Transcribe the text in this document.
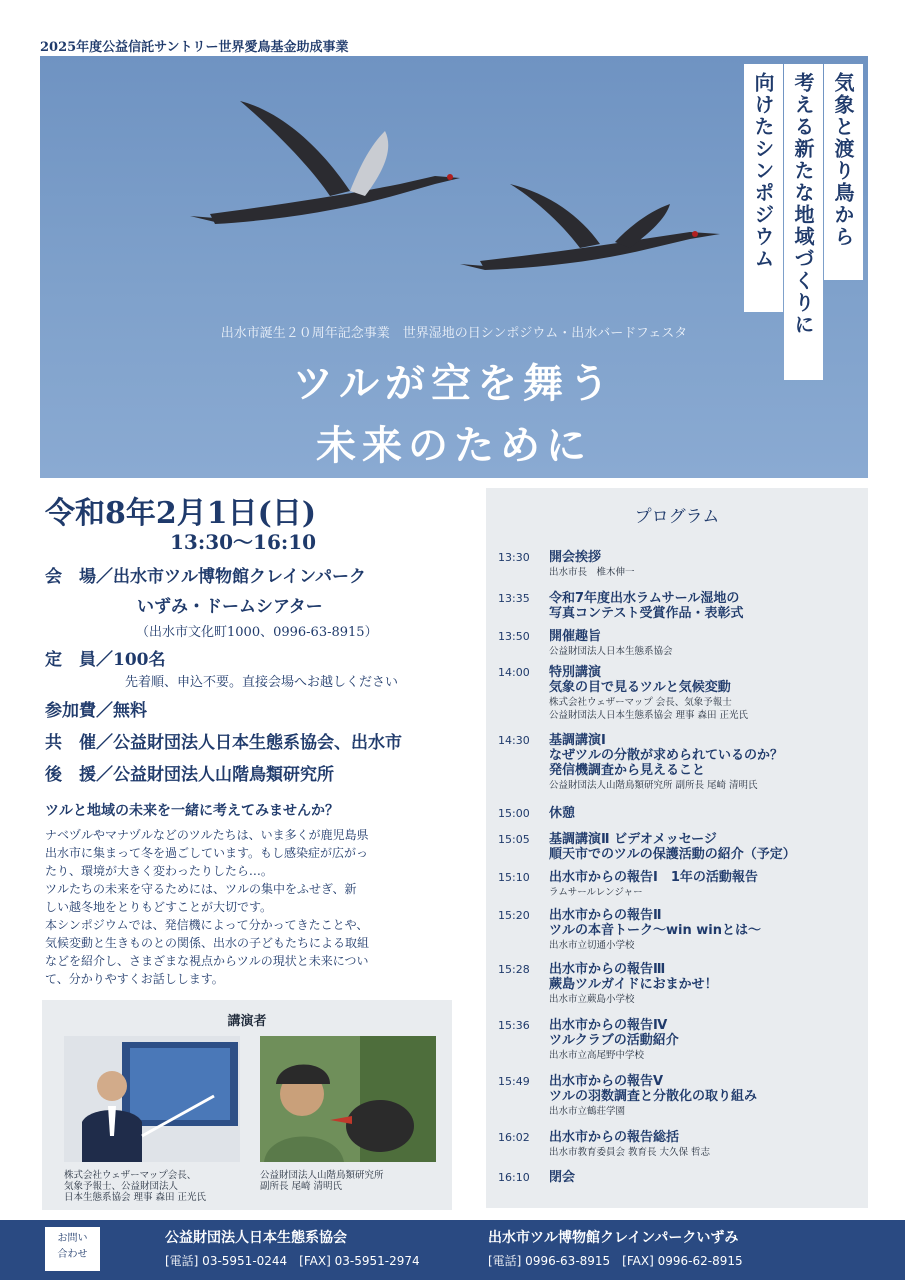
2025年度公益信託サントリー世界愛鳥基金助成事業
向けたシンポジウム 考える新たな地域づくりに 気象と渡り鳥から
出水市誕生２０周年記念事業　世界湿地の日シンポジウム・出水バードフェスタ
ツルが空を舞う
未来のために
令和8年2月1日(日)
13:30〜16:10
会　場／出水市ツル博物館クレインパーク
いずみ・ドームシアター
（出水市文化町1000、0996-63-8915）
定　員／100名
先着順、申込不要。直接会場へお越しください
参加費／無料
共　催／公益財団法人日本生態系協会、出水市
後　援／公益財団法人山階鳥類研究所
ツルと地域の未来を一緒に考えてみませんか？
ナベヅルやマナヅルなどのツルたちは、いま多くが鹿児島県
出水市に集まって冬を過ごしています。もし感染症が広がっ
たり、環境が大きく変わったりしたら…。
ツルたちの未来を守るためには、ツルの集中をふせぎ、新
しい越冬地をとりもどすことが大切です。
本シンポジウムでは、発信機によって分かってきたことや、
気候変動と生きものとの関係、出水の子どもたちによる取組
などを紹介し、さまざまな視点からツルの現状と未来につい
て、分かりやすくお話しします。
講演者
株式会社ウェザーマップ会長、
気象予報士、公益財団法人
日本生態系協会 理事 森田 正光氏
公益財団法人山階鳥類研究所
副所長 尾崎 清明氏
プログラム
13:30 開会挨拶
出水市長　椎木伸一
13:35 令和7年度出水ラムサール湿地の
写真コンテスト受賞作品・表彰式
13:50 開催趣旨
公益財団法人日本生態系協会
14:00 特別講演
気象の目で見るツルと気候変動
株式会社ウェザーマップ 会長、気象予報士
公益財団法人日本生態系協会 理事 森田 正光氏
14:30 基調講演Ⅰ
なぜツルの分散が求められているのか？
発信機調査から見えること
公益財団法人山階鳥類研究所 副所長 尾崎 清明氏
15:00 休憩
15:05 基調講演Ⅱ ビデオメッセージ
順天市でのツルの保護活動の紹介（予定）
15:10 出水市からの報告Ⅰ　1年の活動報告
ラムサールレンジャー
15:20 出水市からの報告Ⅱ
ツルの本音トーク〜win winとは〜
出水市立切通小学校
15:28 出水市からの報告Ⅲ
蕨島ツルガイドにおまかせ！
出水市立蕨島小学校
15:36 出水市からの報告Ⅳ
ツルクラブの活動紹介
出水市立高尾野中学校
15:49 出水市からの報告Ⅴ
ツルの羽数調査と分散化の取り組み
出水市立鶴荘学園
16:02 出水市からの報告総括
出水市教育委員会 教育長 大久保 哲志
16:10 閉会
お問い
合わせ
公益財団法人日本生態系協会
[電話] 03-5951-0244　[FAX] 03-5951-2974
出水市ツル博物館クレインパークいずみ
[電話] 0996-63-8915　[FAX] 0996-62-8915
